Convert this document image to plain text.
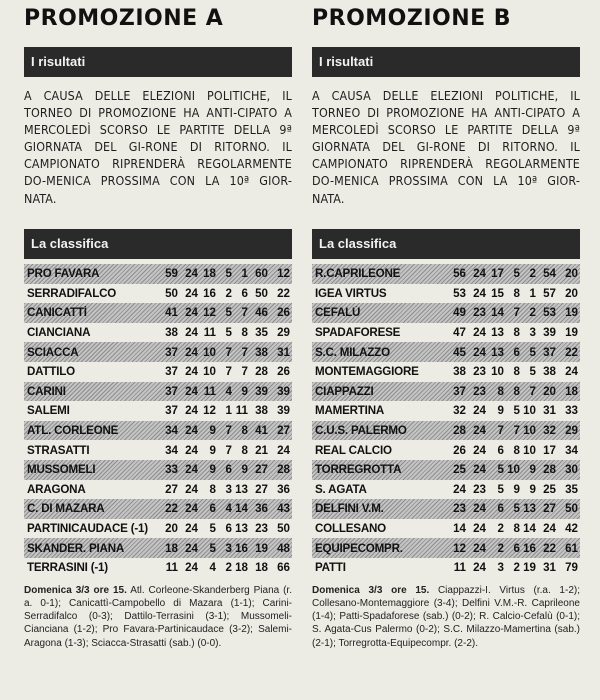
PROMOZIONE A
I risultati
A CAUSA DELLE ELEZIONI POLITICHE, IL TORNEO DI PROMOZIONE HA ANTI-CIPATO A MERCOLEDÌ SCORSO LE PARTITE DELLA 9ª GIORNATA DEL GI-RONE DI RITORNO. IL CAMPIONATO RIPRENDERÀ REGOLARMENTE DO-MENICA PROSSIMA CON LA 10ª GIOR-NATA.
La classifica
PRO FAVARA	59 24 18 5 1 60 12
SERRADIFALCO	50 24 16 2 6 50 22
CANICATTÌ	41 24 12 5 7 46 26
CIANCIANA	38 24 11 5 8 35 29
SCIACCA	37 24 10 7 7 38 31
DATTILO	37 24 10 7 7 28 26
CARINI	37 24 11 4 9 39 39
SALEMI	37 24 12 1 11 38 39
ATL. CORLEONE	34 24 9 7 8 41 27
STRASATTI	34 24 9 7 8 21 24
MUSSOMELI	33 24 9 6 9 27 28
ARAGONA	27 24 8 3 13 27 36
C. DI MAZARA	22 24 6 4 14 36 43
PARTINICAUDACE (-1)	20 24 5 6 13 23 50
SKANDER. PIANA	18 24 5 3 16 19 48
TERRASINI (-1)	11 24 4 2 18 18 66
Domenica 3/3 ore 15. Atl. Corleone-Skanderberg Piana (r. a. 0-1); Canicattì-Campobello di Mazara (1-1); Carini-Serradifalco (0-3); Dattilo-Terrasini (3-1); Mussomeli-Cianciana (1-2); Pro Favara-Partinicaudace (3-2); Salemi-Aragona (1-3); Sciacca-Strasatti (sab.) (0-0).
PROMOZIONE B
I risultati
A CAUSA DELLE ELEZIONI POLITICHE, IL TORNEO DI PROMOZIONE HA ANTI-CIPATO A MERCOLEDÌ SCORSO LE PARTITE DELLA 9ª GIORNATA DEL GI-RONE DI RITORNO. IL CAMPIONATO RIPRENDERÀ REGOLARMENTE DO-MENICA PROSSIMA CON LA 10ª GIOR-NATA.
La classifica
R.CAPRILEONE	56 24 17 5 2 54 20
IGEA VIRTUS	53 24 15 8 1 57 20
CEFALÙ	49 23 14 7 2 53 19
SPADAFORESE	47 24 13 8 3 39 19
S.C. MILAZZO	45 24 13 6 5 37 22
MONTEMAGGIORE	38 23 10 8 5 38 24
CIAPPAZZI	37 23 8 8 7 20 18
MAMERTINA	32 24 9 5 10 31 33
C.U.S. PALERMO	28 24 7 7 10 32 29
REAL CALCIO	26 24 6 8 10 17 34
TORREGROTTA	25 24 5 10 9 28 30
S. AGATA	24 23 5 9 9 25 35
DELFINI V.M.	23 24 6 5 13 27 50
COLLESANO	14 24 2 8 14 24 42
EQUIPECOMPR.	12 24 2 6 16 22 61
PATTI	11 24 3 2 19 31 79
Domenica 3/3 ore 15. Ciappazzi-I. Virtus (r.a. 1-2); Collesano-Montemaggiore (3-4); Delfini V.M.-R. Caprileone (1-4); Patti-Spadaforese (sab.) (0-2); R. Calcio-Cefalù (0-1); S. Agata-Cus Palermo (0-2); S.C. Milazzo-Mamertina (sab.) (2-1); Torregrotta-Equipecompr. (2-2).
